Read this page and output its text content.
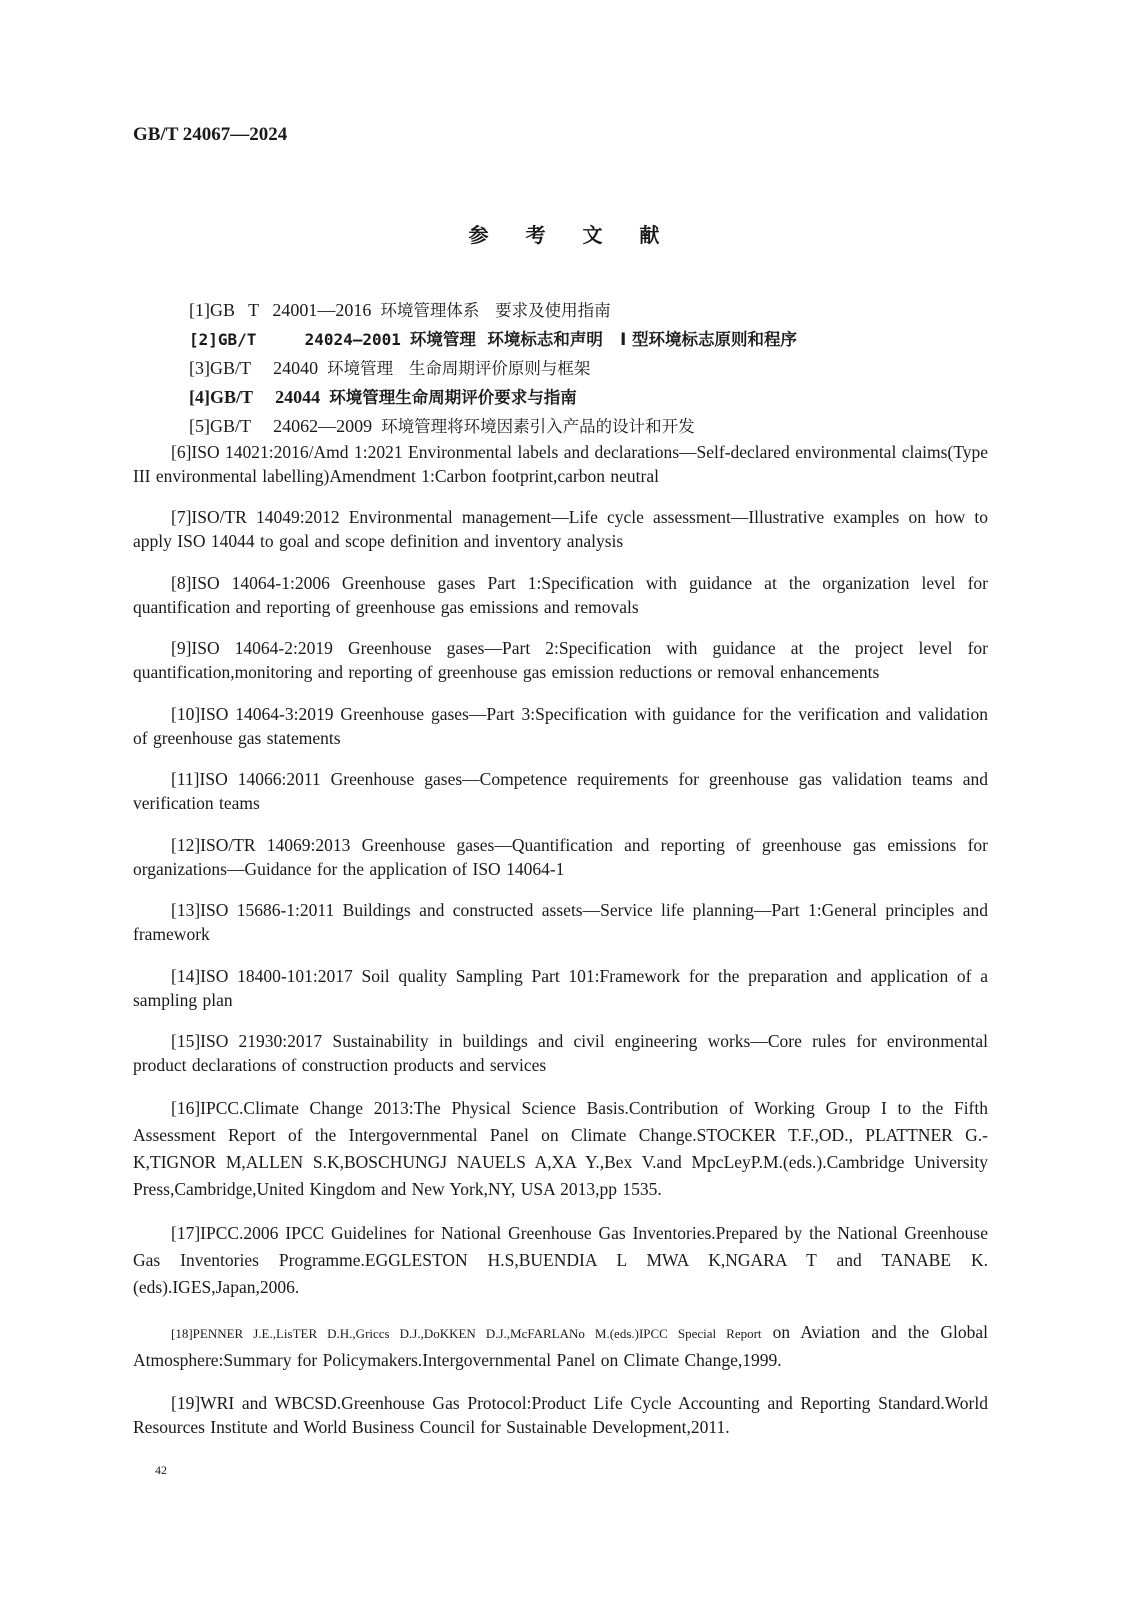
GB/T 24067—2024
参 考 文 献

[1]GB   T   24001—2016 环境管理体系   要求及使用指南

[2]GB/T     24024—2001 环境管理  环境标志和声明   I 型环境标志原则和程序

[3]GB/T     24040 环境管理   生命周期评价原则与框架

[4]GB/T     24044 环境管理生命周期评价要求与指南

[5]GB/T     24062—2009 环境管理将环境因素引入产品的设计和开发

[6]ISO 14021:2016/Amd 1:2021 Environmental labels and declarations—Self-declared environmental claims(Type III environmental labelling)Amendment 1:Carbon footprint,carbon neutral

[7]ISO/TR 14049:2012 Environmental management—Life cycle assessment—Illustrative examples on how to apply ISO 14044 to goal and scope definition and inventory analysis

[8]ISO 14064-1:2006 Greenhouse gases Part 1:Specification with guidance at the organization level for quantification and reporting of greenhouse gas emissions and removals

[9]ISO 14064-2:2019 Greenhouse gases—Part 2:Specification with guidance at the project level for quantification,monitoring and reporting of greenhouse gas emission reductions or removal enhancements

[10]ISO 14064-3:2019 Greenhouse gases—Part 3:Specification with guidance for the verification and validation of greenhouse gas statements

[11]ISO 14066:2011 Greenhouse gases—Competence requirements for greenhouse gas validation teams and verification teams

[12]ISO/TR 14069:2013 Greenhouse gases—Quantification and reporting of greenhouse gas emissions for organizations—Guidance for the application of ISO 14064-1

[13]ISO 15686-1:2011 Buildings and constructed assets—Service life planning—Part 1:General principles and framework

[14]ISO 18400-101:2017 Soil quality Sampling Part 101:Framework for the preparation and application of a sampling plan

[15]ISO 21930:2017 Sustainability in buildings and civil engineering works—Core rules for environmental product declarations of construction products and services

[16]IPCC.Climate Change 2013:The Physical Science Basis.Contribution of Working Group I to the Fifth Assessment Report of the Intergovernmental Panel on Climate Change.STOCKER T.F.,OD., PLATTNER G.-K,TIGNOR M,ALLEN S.K,BOSCHUNGJ NAUELS A,XA Y.,Bex V.and MpcLeyP.M.(eds.).Cambridge University Press,Cambridge,United Kingdom and New York,NY, USA 2013,pp 1535.

[17]IPCC.2006 IPCC Guidelines for National Greenhouse Gas Inventories.Prepared by the National Greenhouse Gas Inventories Programme.EGGLESTON H.S,BUENDIA L MWA K,NGARA T and TANABE K.(eds).IGES,Japan,2006.

[18]PENNER J.E.,LisTER D.H.,Griccs D.J.,DoKKEN D.J.,McFARLANo M.(eds.)IPCC Special Report on Aviation and the Global Atmosphere:Summary for Policymakers.Intergovernmental Panel on Climate Change,1999.

[19]WRI and WBCSD.Greenhouse Gas Protocol:Product Life Cycle Accounting and Reporting Standard.World Resources Institute and World Business Council for Sustainable Development,2011.

42
